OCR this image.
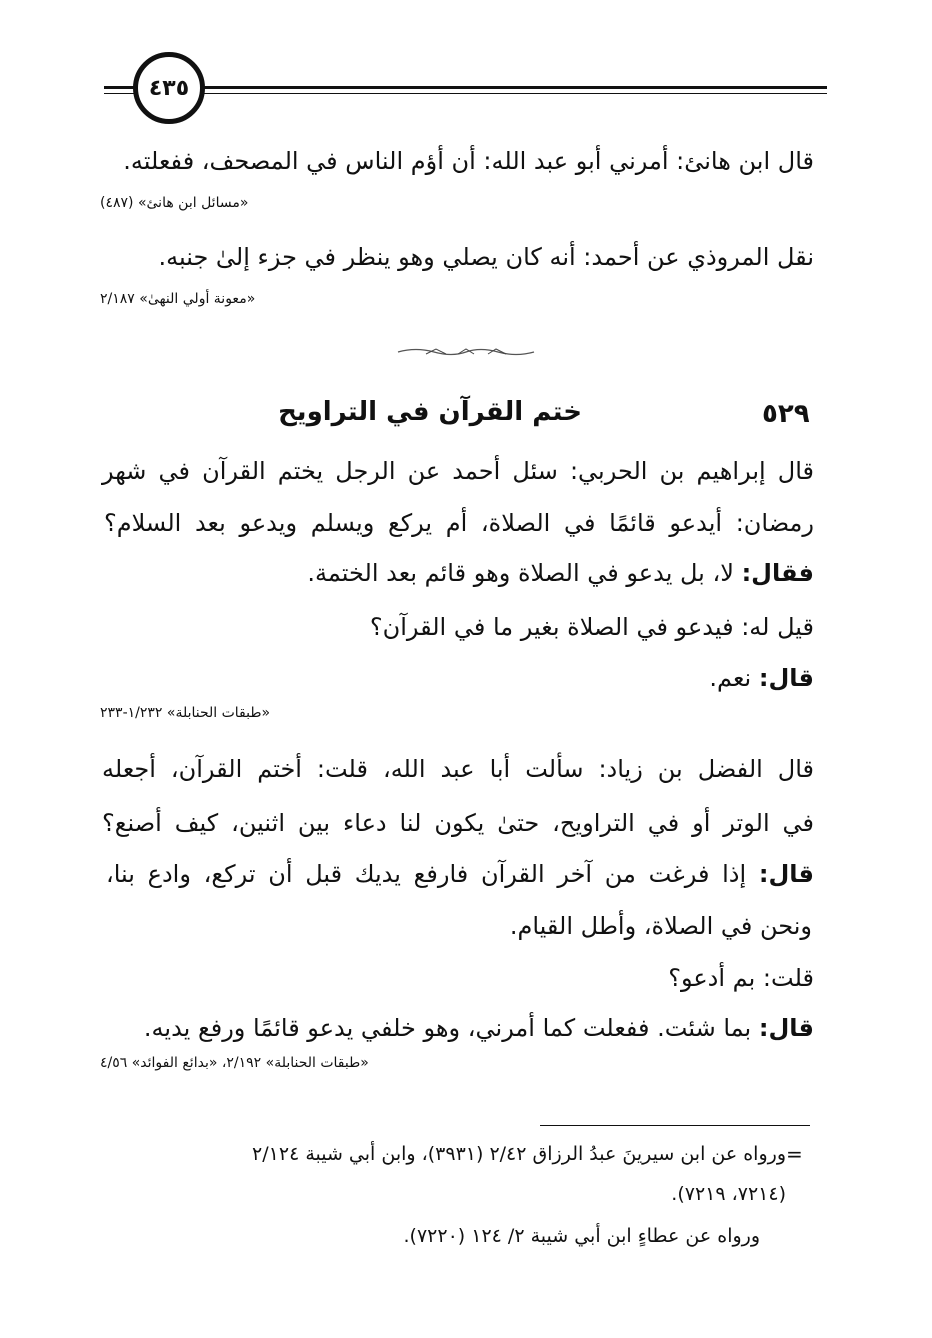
٤٣٥
قال ابن هانئ: أمرني أبو عبد الله: أن أؤم الناس في المصحف، ففعلته.
«مسائل ابن هانئ» (٤٨٧)
نقل المروذي عن أحمد: أنه كان يصلي وهو ينظر في جزء إلىٰ جنبه.
«معونة أولي النهىٰ» ٢/١٨٧
٥٢٩
ختم القرآن في التراويح
قال إبراهيم بن الحربي: سئل أحمد عن الرجل يختم القرآن في شهر
رمضان: أيدعو قائمًا في الصلاة، أم يركع ويسلم ويدعو بعد السلام؟
فقال: لا، بل يدعو في الصلاة وهو قائم بعد الختمة.
قيل له: فيدعو في الصلاة بغير ما في القرآن؟
قال: نعم.
«طبقات الحنابلة» ١/٢٣٢-٢٣٣
قال الفضل بن زياد: سألت أبا عبد الله، قلت: أختم القرآن، أجعله
في الوتر أو في التراويح، حتىٰ يكون لنا دعاء بين اثنين، كيف أصنع؟
قال: إذا فرغت من آخر القرآن فارفع يديك قبل أن تركع، وادع بنا،
ونحن في الصلاة، وأطل القيام.
قلت: بم أدعو؟
قال: بما شئت. ففعلت كما أمرني، وهو خلفي يدعو قائمًا ورفع يديه.
«طبقات الحنابلة» ٢/١٩٢، «بدائع الفوائد» ٤/٥٦
=
ورواه عن ابن سيرينَ عبدُ الرزاق ٢/٤٢ (٣٩٣١)، وابن أبي شيبة ٢/١٢٤
(٧٢١٤، ٧٢١٩).
ورواه عن عطاءٍ ابن أبي شيبة ٢/ ١٢٤ (٧٢٢٠).
